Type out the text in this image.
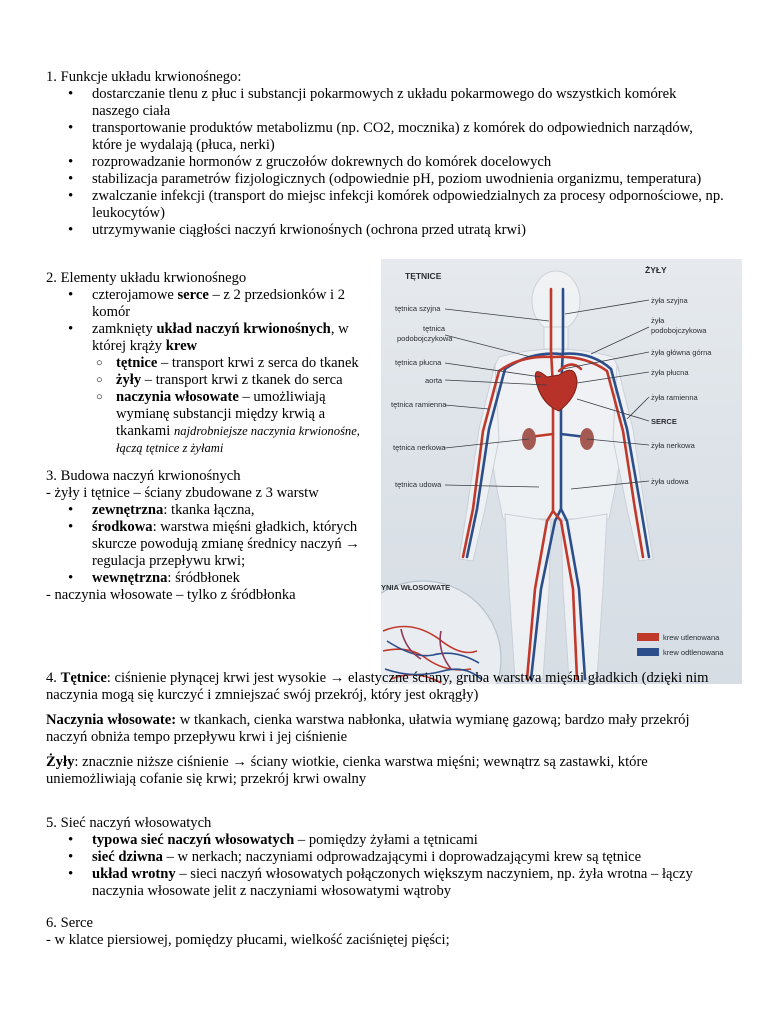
1. Funkcje układu krwionośnego:

• dostarczanie tlenu z płuc i substancji pokarmowych z układu pokarmowego do wszystkich komórek naszego ciała
• transportowanie produktów metabolizmu (np. CO2, mocznika) z komórek do odpowiednich narządów, które je wydalają (płuca, nerki)
• rozprowadzanie hormonów z gruczołów dokrewnych do komórek docelowych
• stabilizacja parametrów fizjologicznych (odpowiednie pH, poziom uwodnienia organizmu, temperatura)
• zwalczanie infekcji (transport do miejsc infekcji komórek odpowiedzialnych za procesy odpornościowe, np. leukocytów)
• utrzymywanie ciągłości naczyń krwionośnych (ochrona przed utratą krwi)

2. Elementy układu krwionośnego

• czterojamowe serce – z 2 przedsionków i 2 komór
• zamknięty układ naczyń krwionośnych, w której krąży krew
○ tętnice – transport krwi z serca do tkanek
○ żyły – transport krwi z tkanek do serca
○ naczynia włosowate – umożliwiają wymianę substancji między krwią a tkankami najdrobniejsze naczynia krwionośne, łączą tętnice z żyłami

3. Budowa naczyń krwionośnych

- żyły i tętnice – ściany zbudowane z 3 warstw

• zewnętrzna: tkanka łączna,
• środkowa: warstwa mięśni gładkich, których skurcze powodują zmianę średnicy naczyń → regulacja przepływu krwi;
• wewnętrzna: śródbłonek

- naczynia włosowate – tylko z śródbłonka

TĘTNICE
ŻYŁY
tętnica szyjna
tętnica
podobojczykowa
tętnica płucna
aorta
tętnica ramienna
tętnica nerkowa
tętnica udowa
żyła szyjna
żyła
podobojczykowa
żyła główna górna
żyła płucna
żyła ramienna
SERCE
żyła nerkowa
żyła udowa
YNIA WŁOSOWATE
krew utlenowana
krew odtlenowana

4. Tętnice: ciśnienie płynącej krwi jest wysokie → elastyczne ściany, gruba warstwa mięśni gładkich (dzięki nim naczynia mogą się kurczyć i zmniejszać swój przekrój, który jest okrągły)

Naczynia włosowate: w tkankach, cienka warstwa nabłonka, ułatwia wymianę gazową; bardzo mały przekrój naczyń obniża tempo przepływu krwi i jej ciśnienie

Żyły: znacznie niższe ciśnienie → ściany wiotkie, cienka warstwa mięśni; wewnątrz są zastawki, które uniemożliwiają cofanie się krwi; przekrój krwi owalny

5. Sieć naczyń włosowatych

• typowa sieć naczyń włosowatych – pomiędzy żyłami a tętnicami
• sieć dziwna – w nerkach; naczyniami odprowadzającymi i doprowadzającymi krew są tętnice
• układ wrotny – sieci naczyń włosowatych połączonych większym naczyniem, np. żyła wrotna – łączy naczynia włosowate jelit z naczyniami włosowatymi wątroby

6. Serce

- w klatce piersiowej, pomiędzy płucami, wielkość zaciśniętej pięści;
